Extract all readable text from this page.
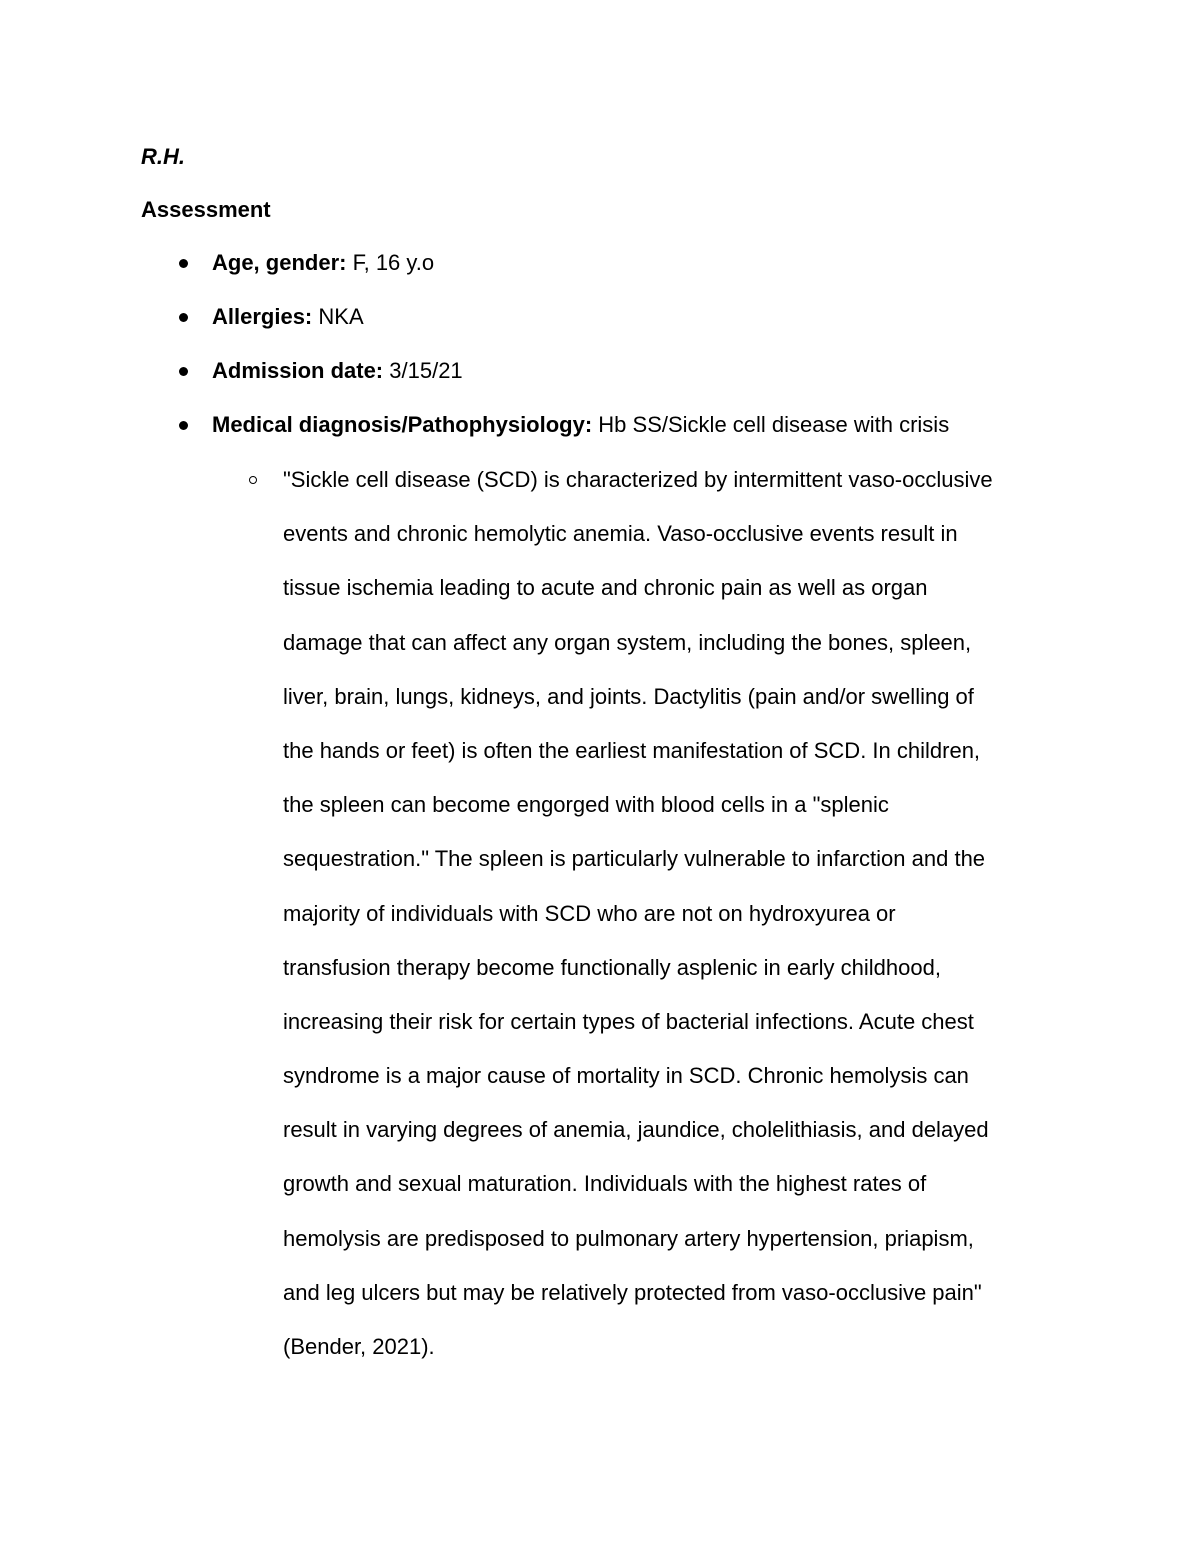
R.H.

Assessment

Age, gender: F, 16 y.o
Allergies: NKA
Admission date: 3/15/21
Medical diagnosis/Pathophysiology: Hb SS/Sickle cell disease with crisis
"Sickle cell disease (SCD) is characterized by intermittent vaso-occlusive
events and chronic hemolytic anemia. Vaso-occlusive events result in
tissue ischemia leading to acute and chronic pain as well as organ
damage that can affect any organ system, including the bones, spleen,
liver, brain, lungs, kidneys, and joints. Dactylitis (pain and/or swelling of
the hands or feet) is often the earliest manifestation of SCD. In children,
the spleen can become engorged with blood cells in a "splenic
sequestration." The spleen is particularly vulnerable to infarction and the
majority of individuals with SCD who are not on hydroxyurea or
transfusion therapy become functionally asplenic in early childhood,
increasing their risk for certain types of bacterial infections. Acute chest
syndrome is a major cause of mortality in SCD. Chronic hemolysis can
result in varying degrees of anemia, jaundice, cholelithiasis, and delayed
growth and sexual maturation. Individuals with the highest rates of
hemolysis are predisposed to pulmonary artery hypertension, priapism,
and leg ulcers but may be relatively protected from vaso-occlusive pain"
(Bender, 2021).
